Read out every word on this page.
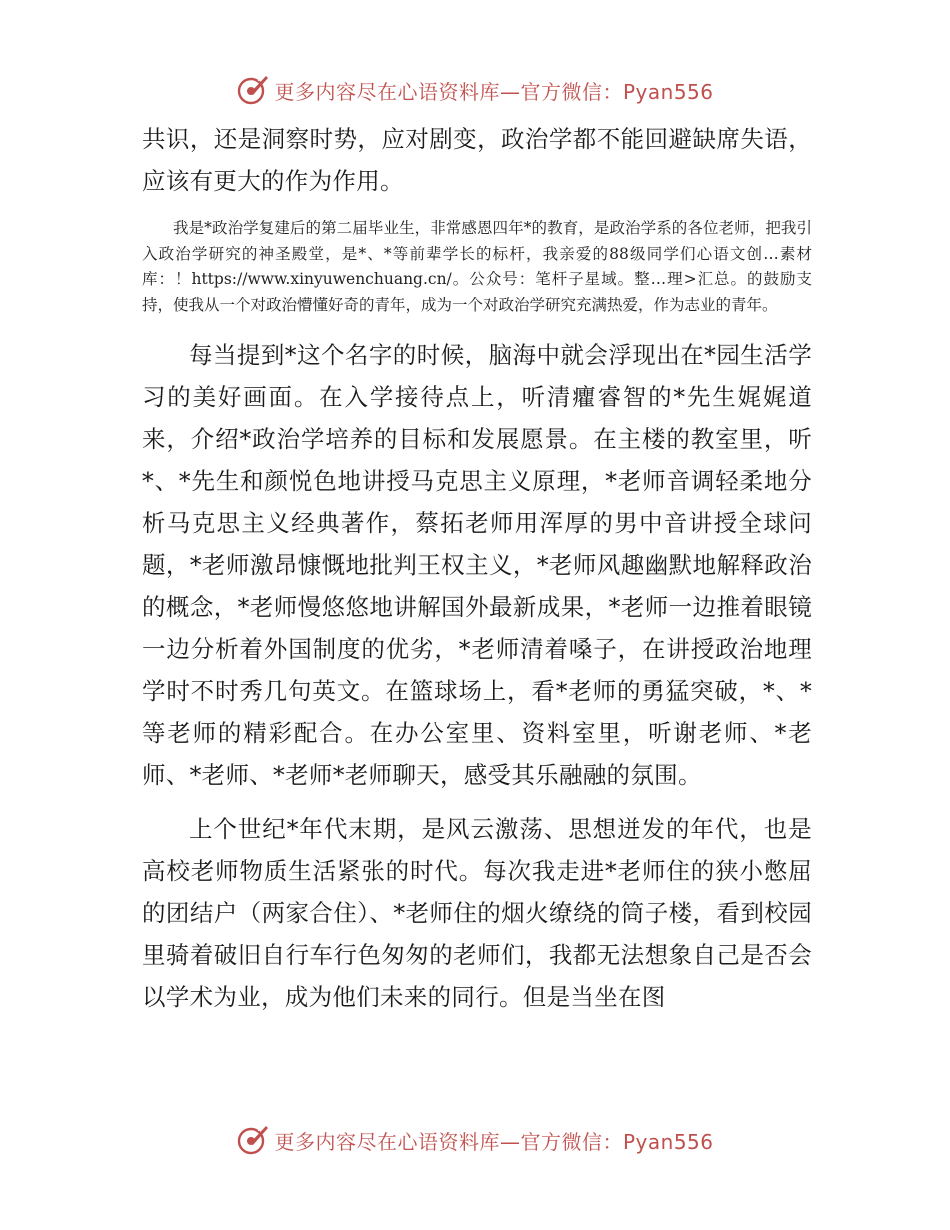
更多内容尽在心语资料库—官方微信：Pyan556

共识，还是洞察时势，应对剧变，政治学都不能回避缺席失语，应该有更大的作为作用。

我是*政治学复建后的第二届毕业生，非常感恩四年*的教育，是政治学系的各位老师，把我引入政治学研究的神圣殿堂，是*、*等前辈学长的标杆，我亲爱的88级同学们心语文创…素材库：！https://www.xinyuwenchuang.cn/。公众号：笔杆子星域。整…理>汇总。的鼓励支持，使我从一个对政治懵懂好奇的青年，成为一个对政治学研究充满热爱，作为志业的青年。

每当提到*这个名字的时候，脑海中就会浮现出在*园生活学习的美好画面。在入学接待点上，听清癯睿智的*先生娓娓道来，介绍*政治学培养的目标和发展愿景。在主楼的教室里，听*、*先生和颜悦色地讲授马克思主义原理，*老师音调轻柔地分析马克思主义经典著作，蔡拓老师用浑厚的男中音讲授全球问题，*老师激昂慷慨地批判王权主义，*老师风趣幽默地解释政治的概念，*老师慢悠悠地讲解国外最新成果，*老师一边推着眼镜一边分析着外国制度的优劣，*老师清着嗓子，在讲授政治地理学时不时秀几句英文。在篮球场上，看*老师的勇猛突破，*、*等老师的精彩配合。在办公室里、资料室里，听谢老师、*老师、*老师、*老师*老师聊天，感受其乐融融的氛围。

上个世纪*年代末期，是风云激荡、思想迸发的年代，也是高校老师物质生活紧张的时代。每次我走进*老师住的狭小憋屈的团结户（两家合住）、*老师住的烟火缭绕的筒子楼，看到校园里骑着破旧自行车行色匆匆的老师们，我都无法想象自己是否会以学术为业，成为他们未来的同行。但是当坐在图

更多内容尽在心语资料库—官方微信：Pyan556
